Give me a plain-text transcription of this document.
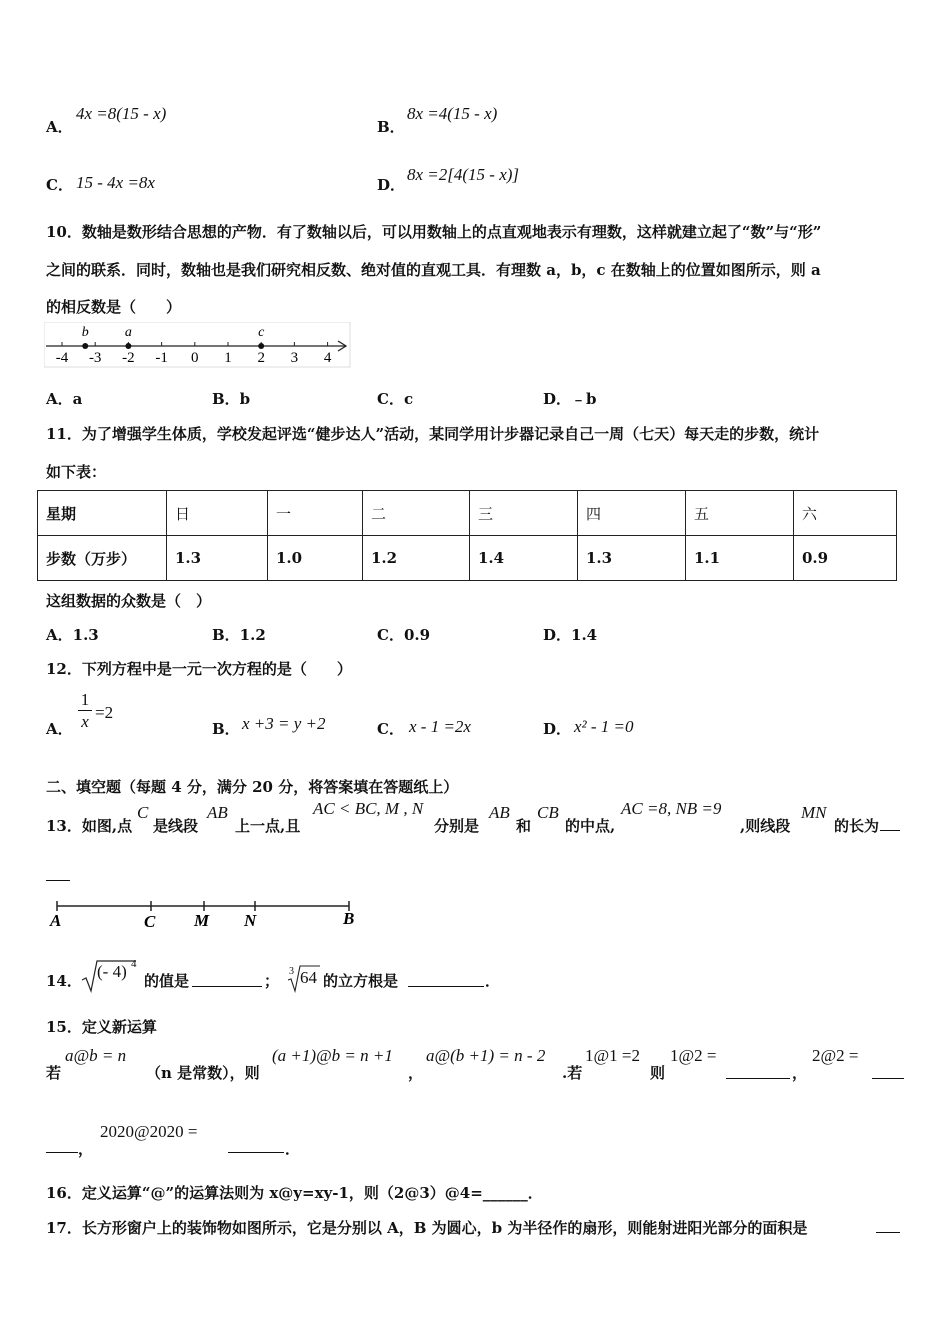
A．
4x =8(15 - x)
B．
8x =4(15 - x)
C． 15 - 4x =8x	D．
8x =2[4(15 - x)]
10．数轴是数形结合思想的产物．有了数轴以后，可以用数轴上的点直观地表示有理数，这样就建立起了“数”与“形”
之间的联系．同时，数轴也是我们研究相反数、绝对值的直观工具．有理数 a，b，c 在数轴上的位置如图所示，则 a
的相反数是（　　）
-4 -3 -2 -1 0 1 2 3 4
b	a	c
A．a	B．b	C．c	D．﹣b
11．为了增强学生体质，学校发起评选“健步达人”活动，某同学用计步器记录自己一周（七天）每天走的步数，统计
如下表：
星期	日	一	二	三	四	五	六
步数（万步）	1.3	1.0	1.2	1.4	1.3	1.1	0.9
这组数据的众数是（　）
A．1.3	B．1.2	C．0.9	D．1.4
12．下列方程中是一元一次方程的是（　　）
A． $\frac{1}{x} =2$
B． x +3 = y +2	C． x - 1 =2x	D． x² - 1 =0
二、填空题（每题 4 分，满分 20 分，将答案填在答题纸上）
13．如图,点
C
是线段
AB
上一点,且
AC < BC, M , N
分别是
AB
和
CB
的中点,
AC =8, NB =9
,则线段
MN
的长为
A	C M N	B
14． (- 4) 4
的值是	；
3 64 的立方根是	．
15．定义新运算
若
a@b = n
（n 是常数），则
(a +1)@b = n +1
，
a@(b +1) = n - 2
.若
1@1 =2
则
1@2 =
，
2@2 =
，
2020@2020 =
．
16．定义运算“@”的运算法则为 x@y=xy-1，则（2@3）@4=______．
17．长方形窗户上的装饰物如图所示，它是分别以 A，B 为圆心，b 为半径作的扇形，则能射进阳光部分的面积是
